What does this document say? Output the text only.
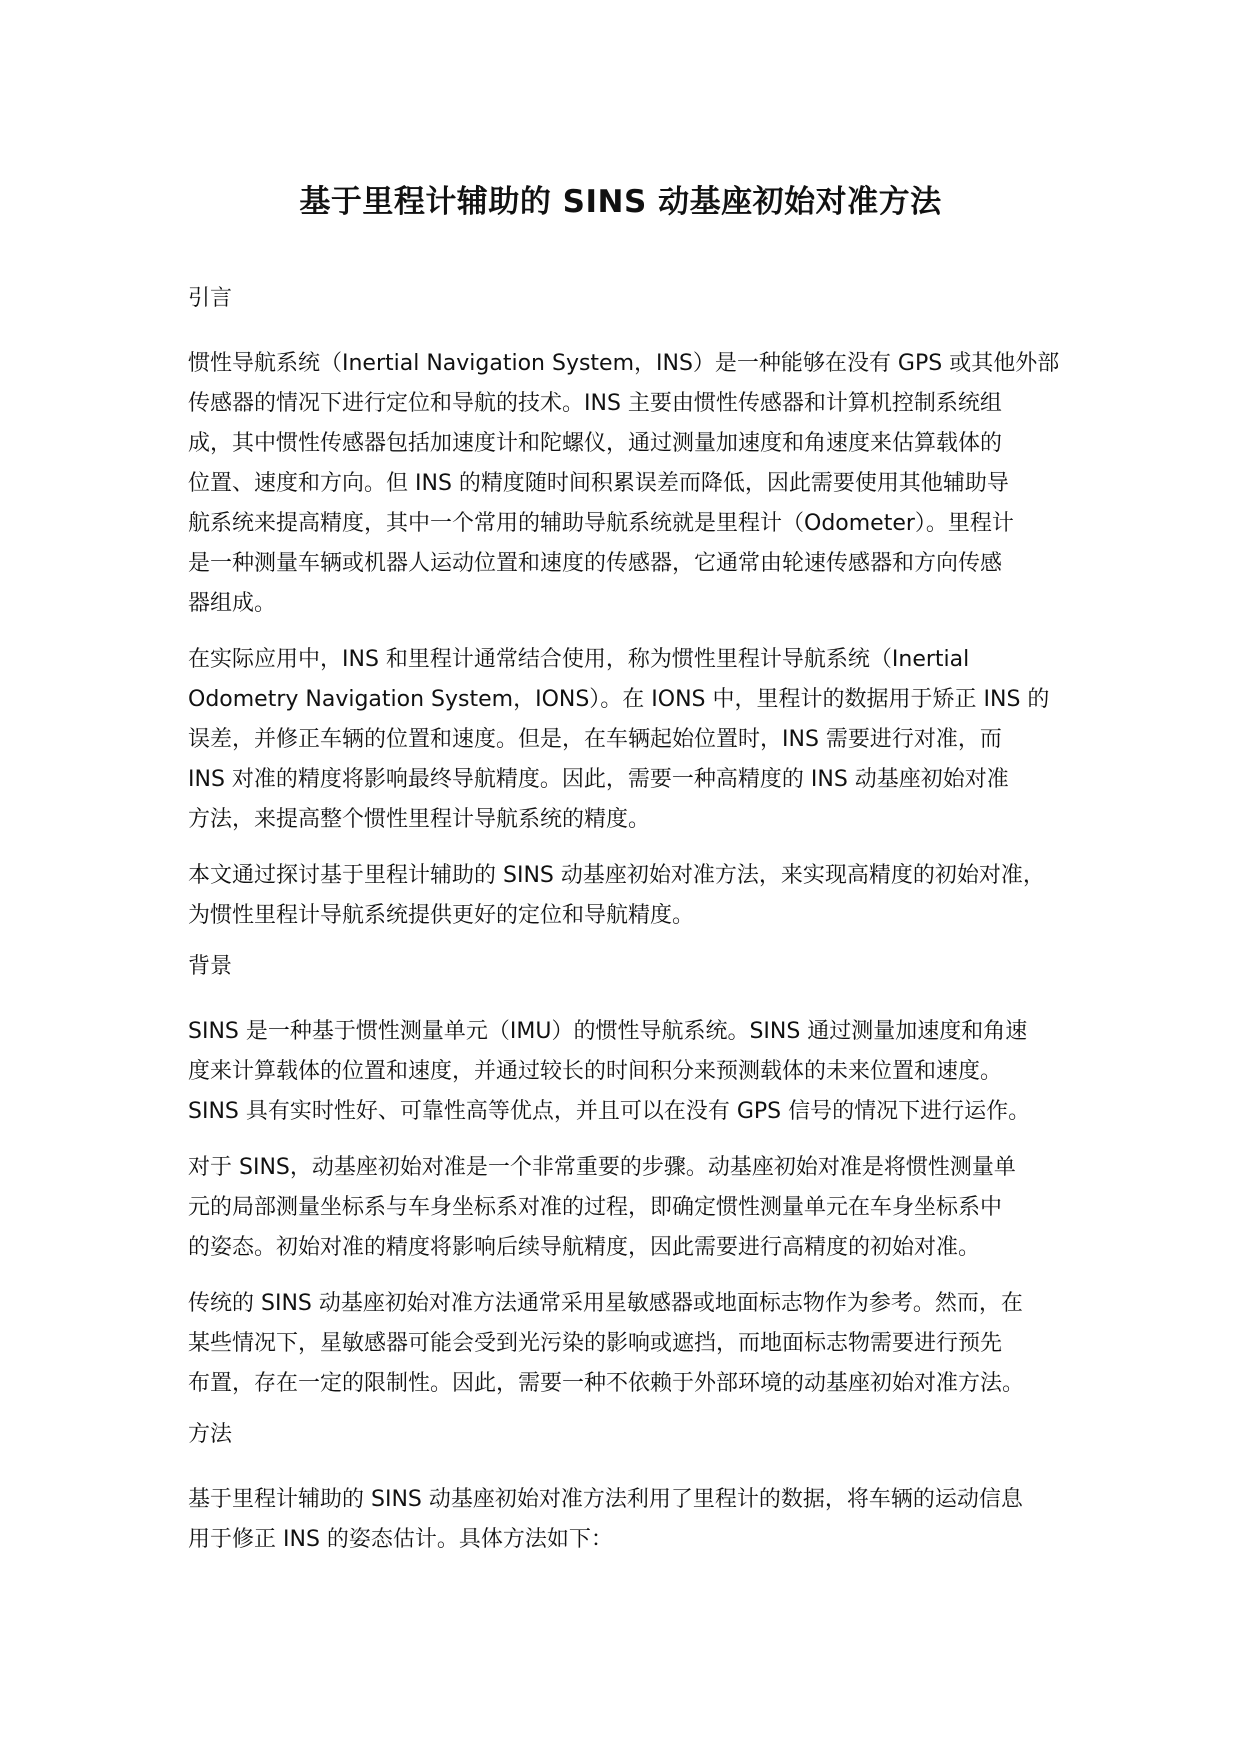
基于里程计辅助的 SINS 动基座初始对准方法
引言
惯性导航系统（Inertial Navigation System，INS）是一种能够在没有 GPS 或其他外部
传感器的情况下进行定位和导航的技术。INS 主要由惯性传感器和计算机控制系统组
成，其中惯性传感器包括加速度计和陀螺仪，通过测量加速度和角速度来估算载体的
位置、速度和方向。但 INS 的精度随时间积累误差而降低，因此需要使用其他辅助导
航系统来提高精度，其中一个常用的辅助导航系统就是里程计（Odometer）。里程计
是一种测量车辆或机器人运动位置和速度的传感器，它通常由轮速传感器和方向传感
器组成。
在实际应用中，INS 和里程计通常结合使用，称为惯性里程计导航系统（Inertial
Odometry Navigation System，IONS）。在 IONS 中，里程计的数据用于矫正 INS 的
误差，并修正车辆的位置和速度。但是，在车辆起始位置时，INS 需要进行对准，而
INS 对准的精度将影响最终导航精度。因此，需要一种高精度的 INS 动基座初始对准
方法，来提高整个惯性里程计导航系统的精度。
本文通过探讨基于里程计辅助的 SINS 动基座初始对准方法，来实现高精度的初始对准，
为惯性里程计导航系统提供更好的定位和导航精度。
背景
SINS 是一种基于惯性测量单元（IMU）的惯性导航系统。SINS 通过测量加速度和角速
度来计算载体的位置和速度，并通过较长的时间积分来预测载体的未来位置和速度。
SINS 具有实时性好、可靠性高等优点，并且可以在没有 GPS 信号的情况下进行运作。
对于 SINS，动基座初始对准是一个非常重要的步骤。动基座初始对准是将惯性测量单
元的局部测量坐标系与车身坐标系对准的过程，即确定惯性测量单元在车身坐标系中
的姿态。初始对准的精度将影响后续导航精度，因此需要进行高精度的初始对准。
传统的 SINS 动基座初始对准方法通常采用星敏感器或地面标志物作为参考。然而，在
某些情况下，星敏感器可能会受到光污染的影响或遮挡，而地面标志物需要进行预先
布置，存在一定的限制性。因此，需要一种不依赖于外部环境的动基座初始对准方法。
方法
基于里程计辅助的 SINS 动基座初始对准方法利用了里程计的数据，将车辆的运动信息
用于修正 INS 的姿态估计。具体方法如下：
